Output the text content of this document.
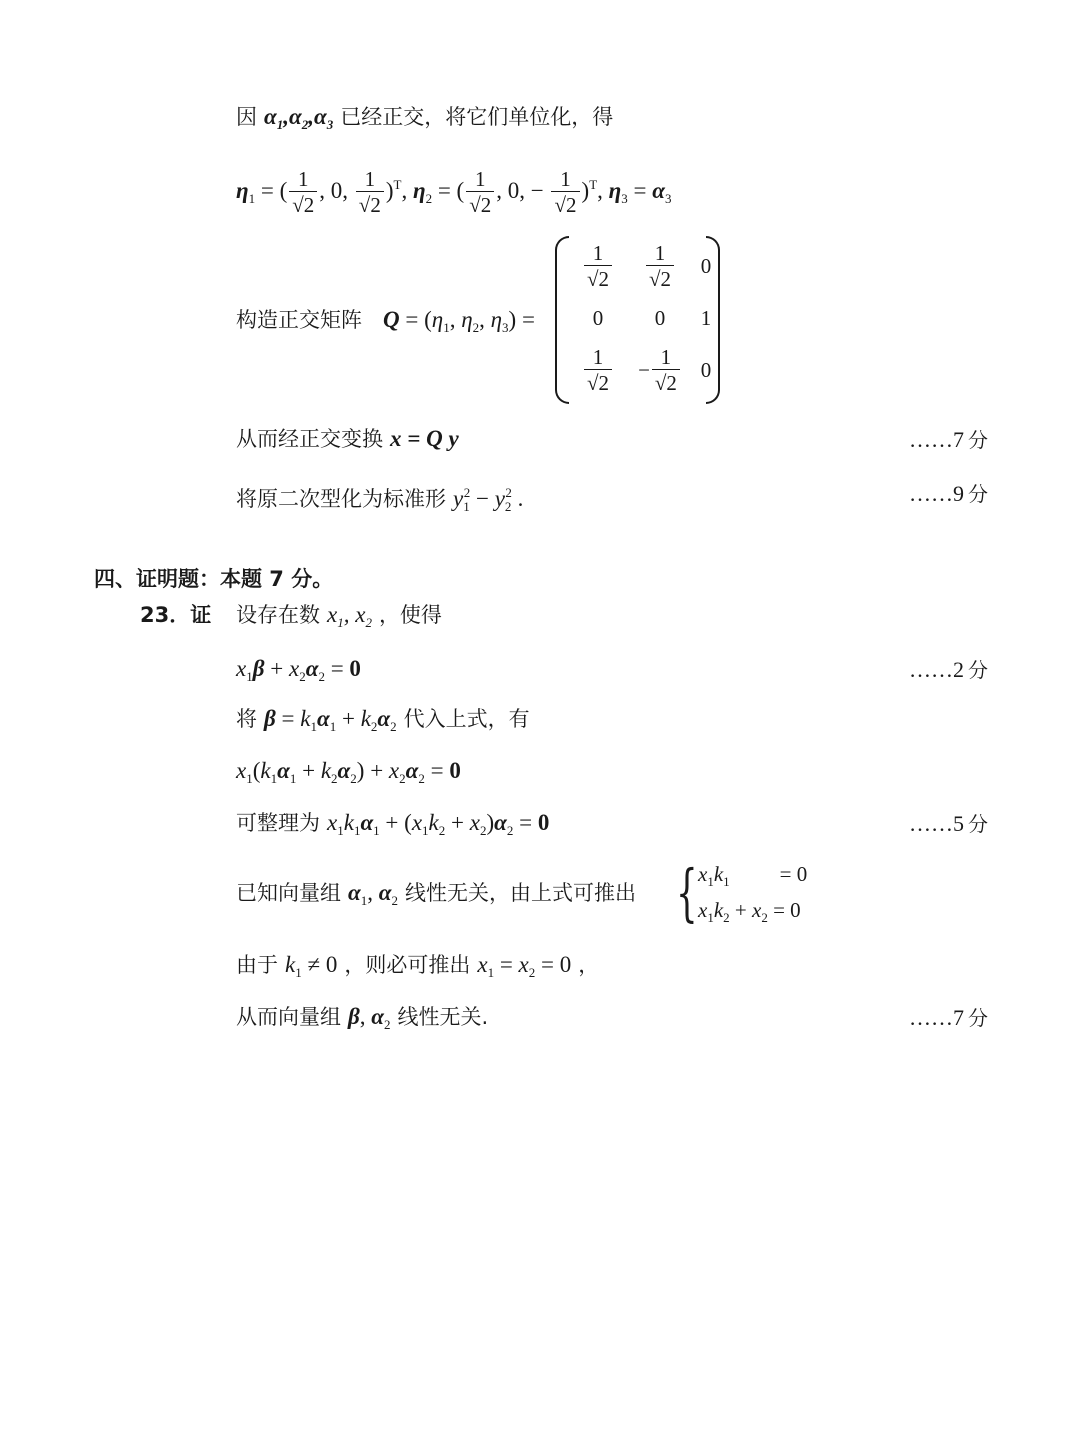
因 $\alpha_1,\alpha_2,\alpha_3$ 已经正交，将它们单位化，得
$\eta_1$ = ( $\frac{1}{√2}$ , 0, $\frac{1}{√2} )^T$, $\eta_2$ = ( $\frac{1}{√2}$ , 0, − $\frac{1}{√2} )^T$, $\eta_3 = \alpha_3$
构造正交矩阵 $Q = (\eta_1$, $\eta_2$, $\eta_3$) =
$\frac{1}{√2} \frac{1}{√2} 0$
0 0 1
$\frac{1}{√2} - \frac{1}{√2} 0$
从而经正交变换 x = Q y	……7 分
将原二次型化为标准形 $y_1^2 - y_2^2$ .	……9 分
四、证明题：本题 7 分。
23．证 设存在数 $x_1$, $x_2$ ，使得
$x_1\beta + x_2\alpha_2 = 0$	……2 分
将 $\beta = k_1\alpha_1 + k_2\alpha_2$ 代入上式，有
$x_1(k_1\alpha_1 + k_2\alpha_2) + x_2\alpha_2 = 0$
可整理为 $x_1k_1\alpha_1 + (x_1k_2 + x_2)\alpha_2 = 0$	……5 分
已知向量组 $\alpha_1$, $\alpha_2$ 线性无关，由上式可推出 { $x_1k_1 = 0$
$x_1k_2 + x_2 = 0$
由于 $k_1 \ne 0$ ，则必可推出 $x_1 = x_2 = 0$ ，
从而向量组 β, $\alpha_2$ 线性无关.	……7 分
